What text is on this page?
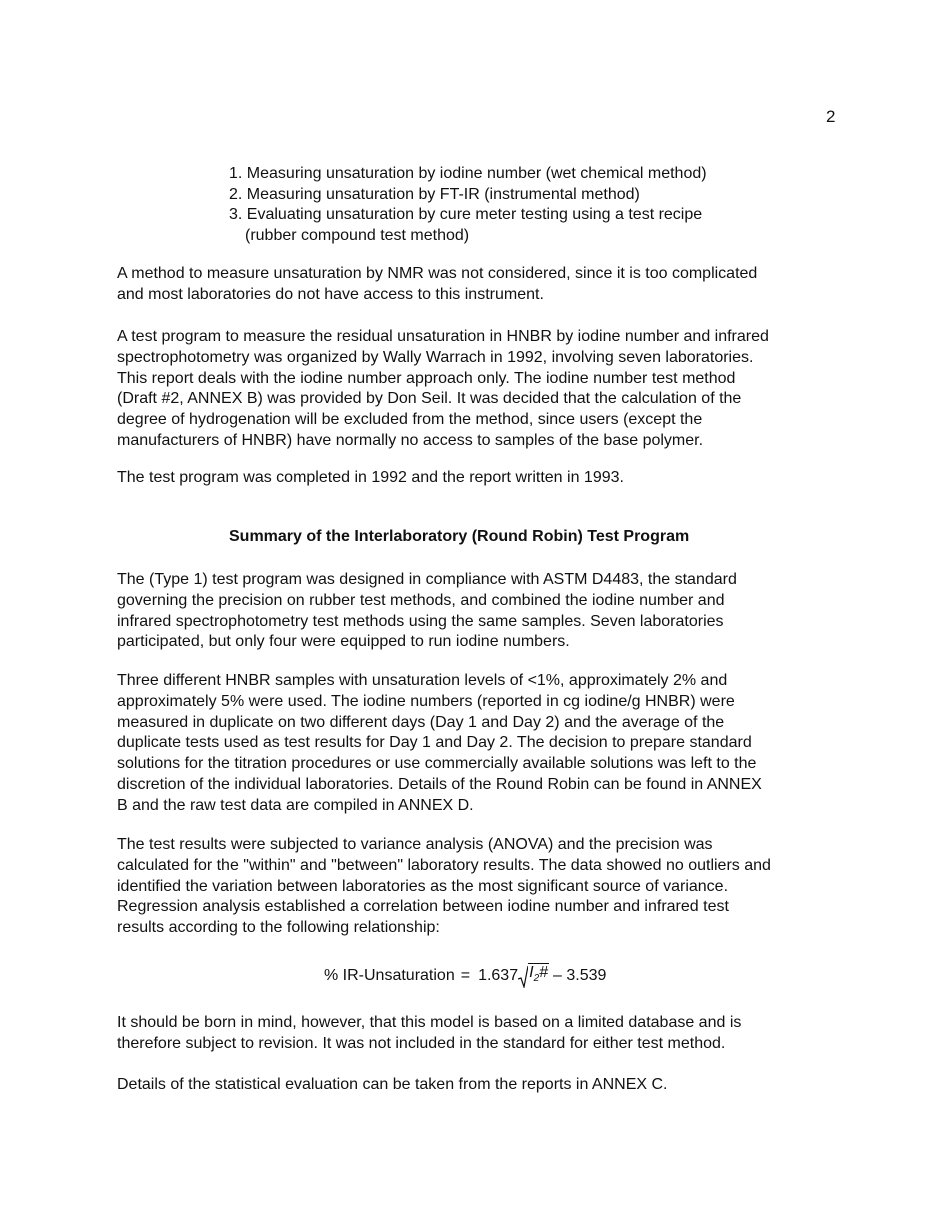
2
1. Measuring unsaturation by iodine number (wet chemical method)
2. Measuring unsaturation by FT-IR (instrumental method)
3. Evaluating unsaturation by cure meter testing using a test recipe
(rubber compound test method)

A method to measure unsaturation by NMR was not considered, since it is too complicated
and most laboratories do not have access to this instrument.

A test program to measure the residual unsaturation in HNBR by iodine number and infrared
spectrophotometry was organized by Wally Warrach in 1992, involving seven laboratories.
This report deals with the iodine number approach only. The iodine number test method
(Draft #2, ANNEX B) was provided by Don Seil. It was decided that the calculation of the
degree of hydrogenation will be excluded from the method, since users (except the
manufacturers of HNBR) have normally no access to samples of the base polymer.

The test program was completed in 1992 and the report written in 1993.

Summary of the Interlaboratory (Round Robin) Test Program

The (Type 1) test program was designed in compliance with ASTM D4483, the standard
governing the precision on rubber test methods, and combined the iodine number and
infrared spectrophotometry test methods using the same samples. Seven laboratories
participated, but only four were equipped to run iodine numbers.

Three different HNBR samples with unsaturation levels of <1%, approximately 2% and
approximately 5% were used. The iodine numbers (reported in cg iodine/g HNBR) were
measured in duplicate on two different days (Day 1 and Day 2) and the average of the
duplicate tests used as test results for Day 1 and Day 2. The decision to prepare standard
solutions for the titration procedures or use commercially available solutions was left to the
discretion of the individual laboratories. Details of the Round Robin can be found in ANNEX
B and the raw test data are compiled in ANNEX D.

The test results were subjected to variance analysis (ANOVA) and the precision was
calculated for the "within" and "between" laboratory results. The data showed no outliers and
identified the variation between laboratories as the most significant source of variance.
Regression analysis established a correlation between iodine number and infrared test
results according to the following relationship:

% IR-Unsaturation = 1.637 $I_2\# - 3.539$

It should be born in mind, however, that this model is based on a limited database and is
therefore subject to revision. It was not included in the standard for either test method.

Details of the statistical evaluation can be taken from the reports in ANNEX C.
